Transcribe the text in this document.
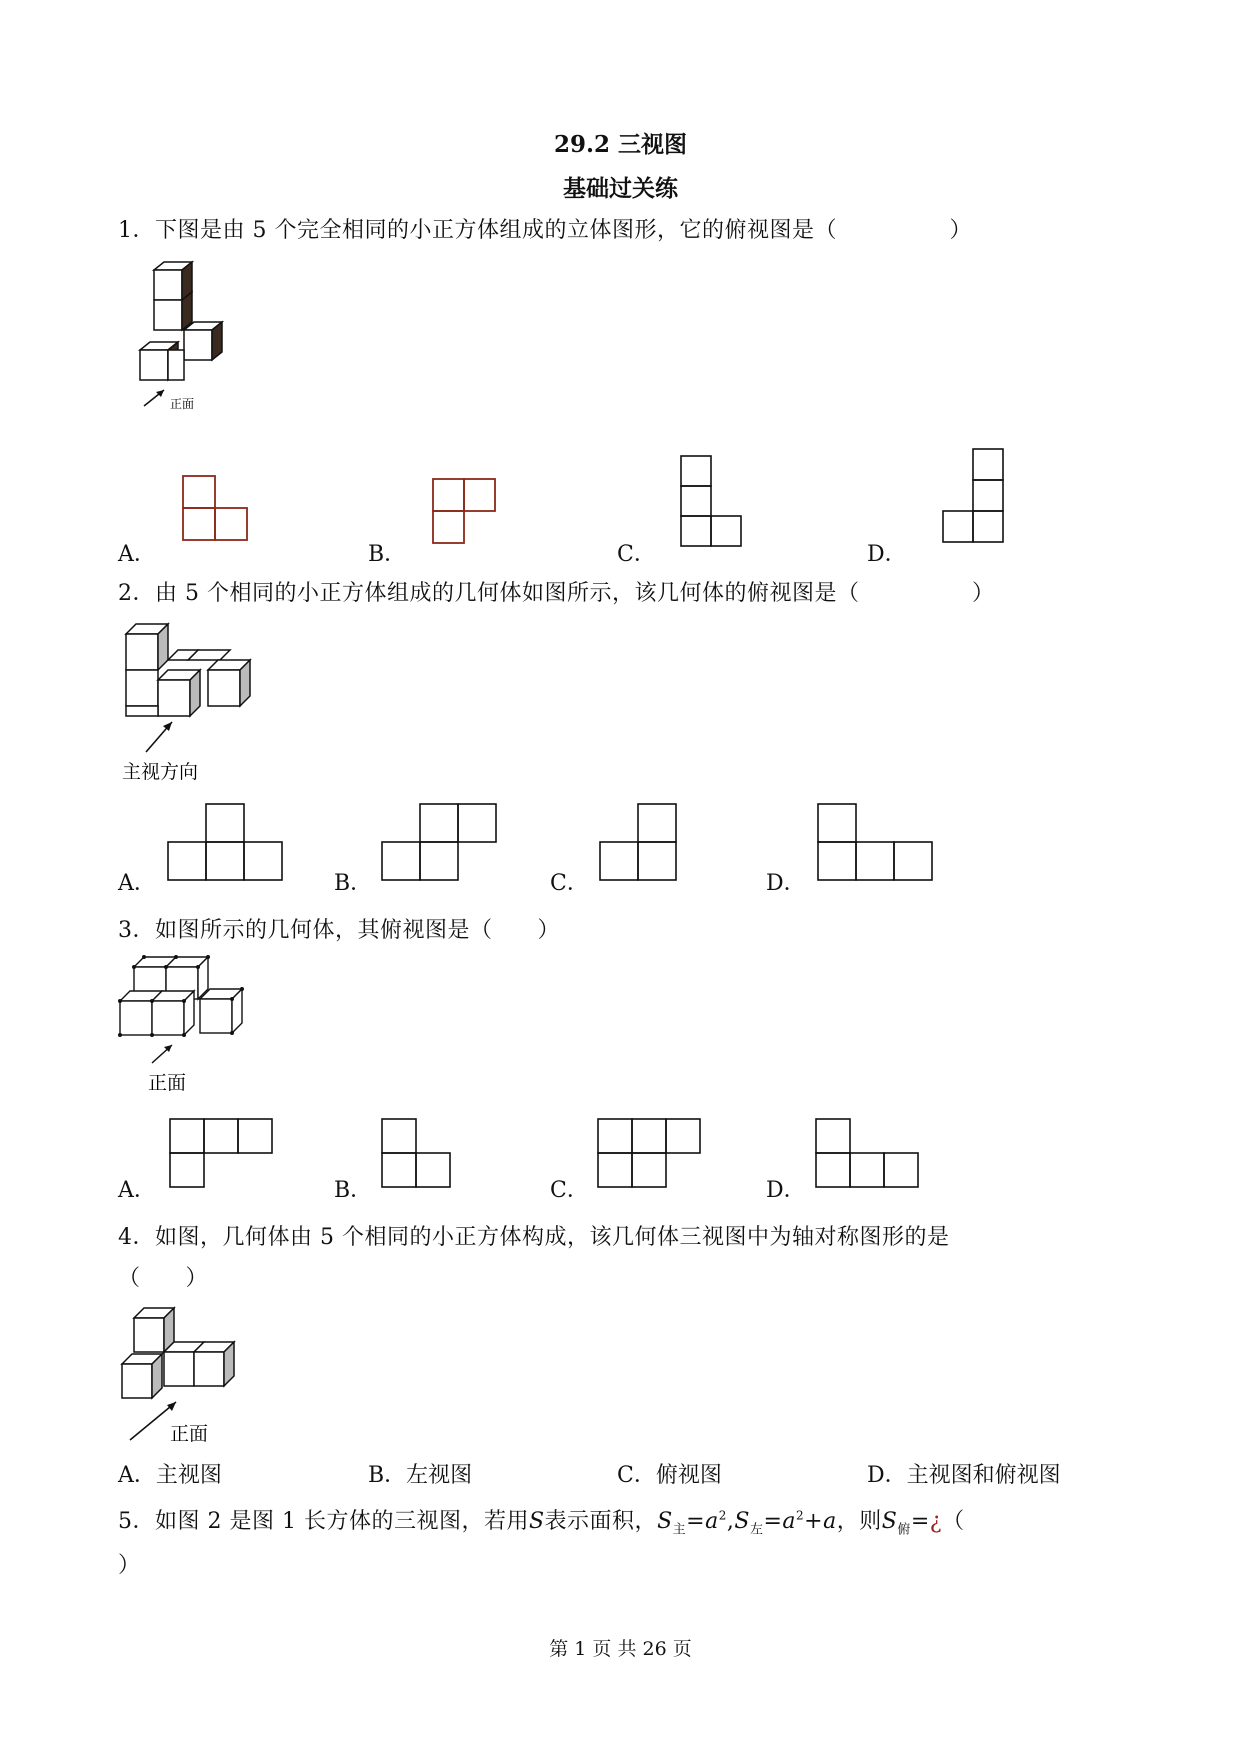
29.2 三视图
基础过关练
1．下图是由 5 个完全相同的小正方体组成的立体图形，它的俯视图是（　　　　　）
正面
A．	B．	C．	D．
2．由 5 个相同的小正方体组成的几何体如图所示，该几何体的俯视图是（　　　　　）
主视方向
A．	B．	C．	D．
3．如图所示的几何体，其俯视图是（　　）
正面
A．	B．	C．	D．
4．如图，几何体由 5 个相同的小正方体构成，该几何体三视图中为轴对称图形的是
（　　）
正面
A．主视图	B．左视图	C．俯视图	D．主视图和俯视图
5．如图 2 是图 1 长方体的三视图，若用S表示面积，$S_主=a^2,S_左=a^2+a$，则$S_俯=¿$（
）
第 1 页 共 26 页
